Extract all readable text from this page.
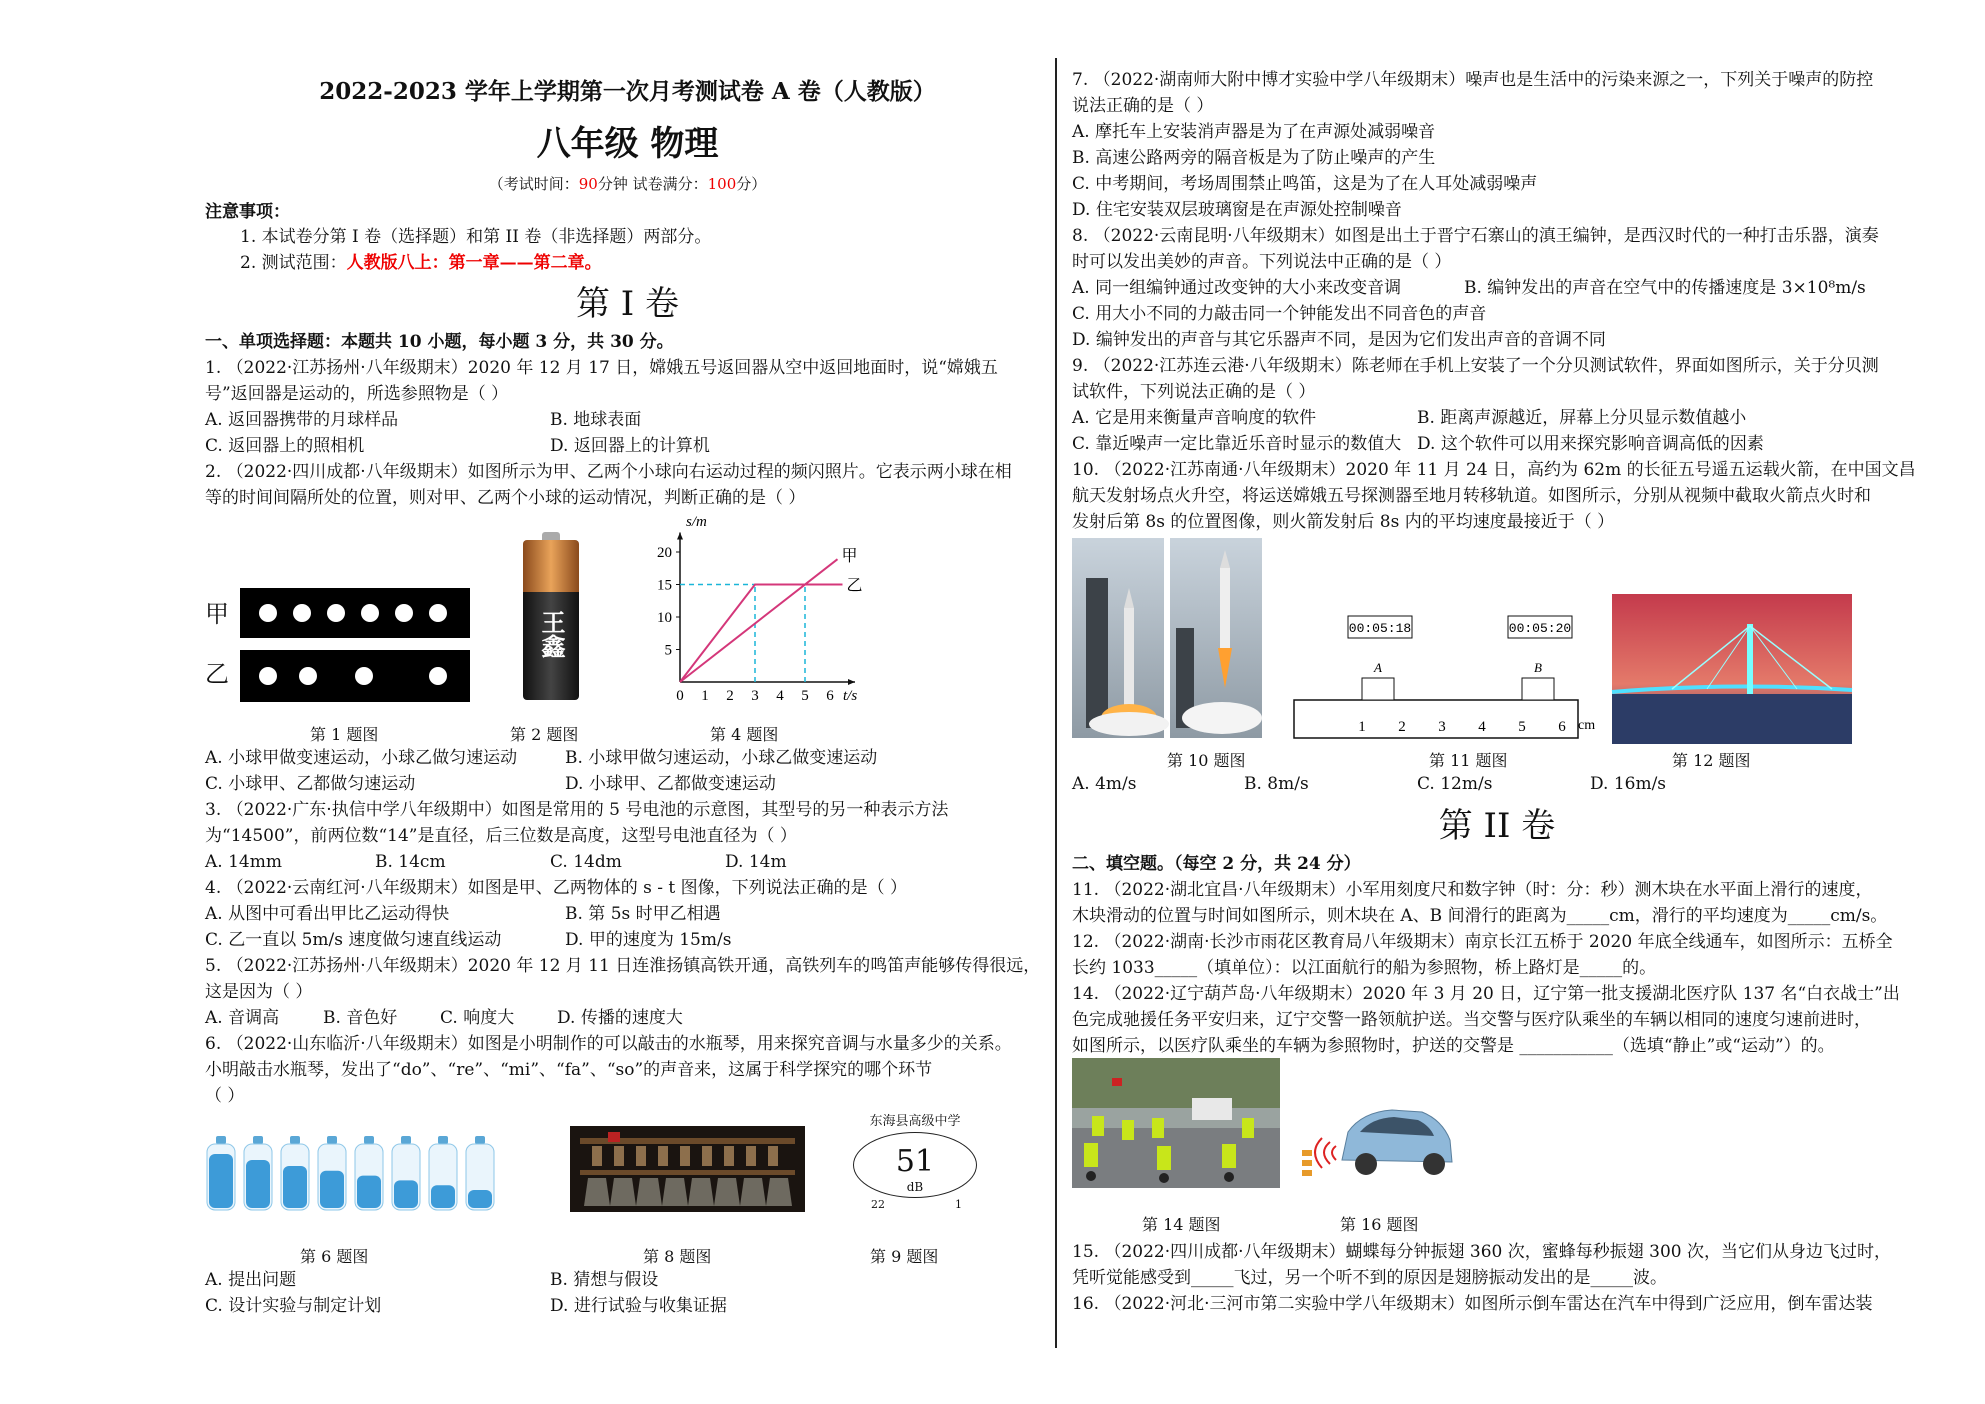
2022-2023 学年上学期第一次月考测试卷 A 卷（人教版）
八年级 物理
（考试时间：90分钟 试卷满分：100分）
注意事项：
1. 本试卷分第 I 卷（选择题）和第 II 卷（非选择题）两部分。
2. 测试范围：人教版八上：第一章——第二章。
第 I 卷
一、单项选择题：本题共 10 小题，每小题 3 分，共 30 分。
1. （2022·江苏扬州·八年级期末）2020 年 12 月 17 日，嫦娥五号返回器从空中返回地面时，说“嫦娥五
号”返回器是运动的，所选参照物是（ ）
A. 返回器携带的月球样品	B. 地球表面
C. 返回器上的照相机	D. 返回器上的计算机
2. （2022·四川成都·八年级期末）如图所示为甲、乙两个小球向右运动过程的频闪照片。它表示两小球在相
等的时间间隔所处的位置，则对甲、乙两个小球的运动情况，判断正确的是（ ）
甲
乙
王鑫
0 1 2 3 4 5 6
5
10
15
20
s/m
t/s
甲
乙
第 1 题图	第 2 题图	第 4 题图
A. 小球甲做变速运动，小球乙做匀速运动	B. 小球甲做匀速运动，小球乙做变速运动
C. 小球甲、乙都做匀速运动	D. 小球甲、乙都做变速运动
3. （2022·广东·执信中学八年级期中）如图是常用的 5 号电池的示意图，其型号的另一种表示方法
为“14500”，前两位数“14”是直径，后三位数是高度，这型号电池直径为（ ）
A. 14mm	B. 14cm	C. 14dm	D. 14m
4. （2022·云南红河·八年级期末）如图是甲、乙两物体的 s - t 图像，下列说法正确的是（ ）
A. 从图中可看出甲比乙运动得快	B. 第 5s 时甲乙相遇
C. 乙一直以 5m/s 速度做匀速直线运动	D. 甲的速度为 15m/s
5. （2022·江苏扬州·八年级期末）2020 年 12 月 11 日连淮扬镇高铁开通，高铁列车的鸣笛声能够传得很远，
这是因为（ ）
A. 音调高	B. 音色好	C. 响度大	D. 传播的速度大
6. （2022·山东临沂·八年级期末）如图是小明制作的可以敲击的水瓶琴，用来探究音调与水量多少的关系。
小明敲击水瓶琴，发出了“do”、“re”、“mi”、“fa”、“so”的声音来，这属于科学探究的哪个环节
（ ）
东海县高级中学
51
dB
22	1
第 6 题图	第 8 题图	第 9 题图
A. 提出问题	B. 猜想与假设
C. 设计实验与制定计划	D. 进行试验与收集证据
7. （2022·湖南师大附中博才实验中学八年级期末）噪声也是生活中的污染来源之一，下列关于噪声的防控
说法正确的是（ ）
A. 摩托车上安装消声器是为了在声源处减弱噪音
B. 高速公路两旁的隔音板是为了防止噪声的产生
C. 中考期间，考场周围禁止鸣笛，这是为了在人耳处减弱噪声
D. 住宅安装双层玻璃窗是在声源处控制噪音
8. （2022·云南昆明·八年级期末）如图是出土于晋宁石寨山的滇王编钟，是西汉时代的一种打击乐器，演奏
时可以发出美妙的声音。下列说法中正确的是（ ）
A. 同一组编钟通过改变钟的大小来改变音调	B. 编钟发出的声音在空气中的传播速度是 3×10⁸m/s
C. 用大小不同的力敲击同一个钟能发出不同音色的声音
D. 编钟发出的声音与其它乐器声不同，是因为它们发出声音的音调不同
9. （2022·江苏连云港·八年级期末）陈老师在手机上安装了一个分贝测试软件，界面如图所示，关于分贝测
试软件，下列说法正确的是（ ）
A. 它是用来衡量声音响度的软件	B. 距离声源越近，屏幕上分贝显示数值越小
C. 靠近噪声一定比靠近乐音时显示的数值大 D. 这个软件可以用来探究影响音调高低的因素
10. （2022·江苏南通·八年级期末）2020 年 11 月 24 日，高约为 62m 的长征五号遥五运载火箭，在中国文昌
航天发射场点火升空，将运送嫦娥五号探测器至地月转移轨道。如图所示，分别从视频中截取火箭点火时和
发射后第 8s 的位置图像，则火箭发射后 8s 内的平均速度最接近于（ ）
1 2 3 4 5 6 cm
A
00:05:18
B
00:05:20
第 10 题图	第 11 题图	第 12 题图
A. 4m/s	B. 8m/s	C. 12m/s	D. 16m/s
第 II 卷
二、填空题。（每空 2 分，共 24 分）
11. （2022·湖北宜昌·八年级期末）小军用刻度尺和数字钟（时：分：秒）测木块在水平面上滑行的速度，
木块滑动的位置与时间如图所示，则木块在 A、B 间滑行的距离为_____cm，滑行的平均速度为_____cm/s。
12. （2022·湖南·长沙市雨花区教育局八年级期末）南京长江五桥于 2020 年底全线通车，如图所示：五桥全
长约 1033_____（填单位）：以江面航行的船为参照物，桥上路灯是_____的。
14. （2022·辽宁葫芦岛·八年级期末）2020 年 3 月 20 日，辽宁第一批支援湖北医疗队 137 名“白衣战士”出
色完成驰援任务平安归来，辽宁交警一路领航护送。当交警与医疗队乘坐的车辆以相同的速度匀速前进时，
如图所示，以医疗队乘坐的车辆为参照物时，护送的交警是 ___________（选填“静止”或“运动”）的。
第 14 题图	第 16 题图
15. （2022·四川成都·八年级期末）蝴蝶每分钟振翅 360 次，蜜蜂每秒振翅 300 次，当它们从身边飞过时，
凭听觉能感受到_____飞过，另一个听不到的原因是翅膀振动发出的是_____波。
16. （2022·河北·三河市第二实验中学八年级期末）如图所示倒车雷达在汽车中得到广泛应用，倒车雷达装
